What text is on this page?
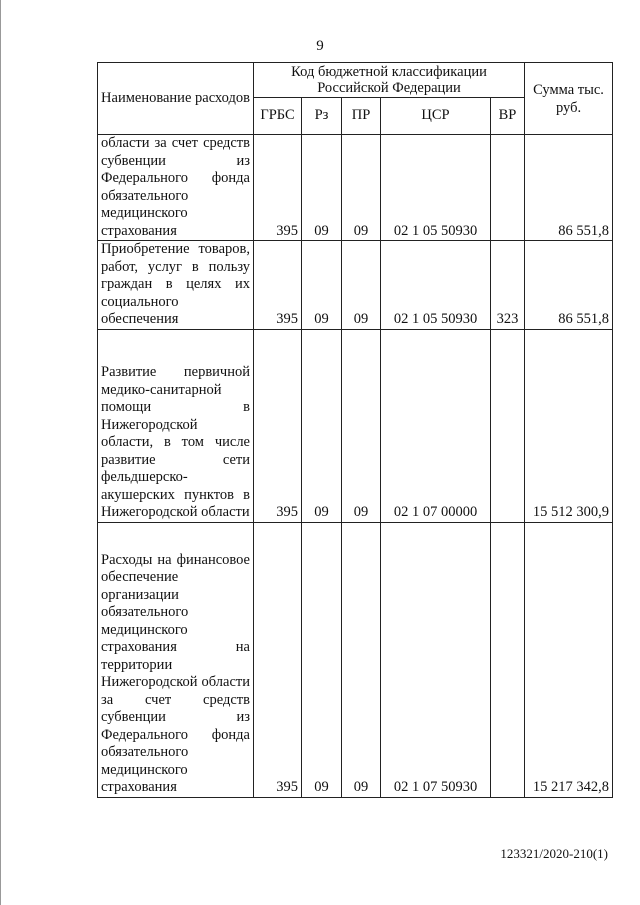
9
Наименование расходов	Код бюджетной классификации Российской Федерации					Сумма тыс. руб.
	ГРБС	Рз	ПР	ЦСР	ВР	
области за счет средств субвенции из Федерального фонда обязательного медицинского страхования	395	09	09	02 1 05 50930		86 551,8
Приобретение товаров, работ, услуг в пользу граждан в целях их социального обеспечения	395	09	09	02 1 05 50930	323	86 551,8
Развитие первичной медико-санитарной помощи в Нижегородской области, в том числе развитие сети фельдшерско-акушерских пунктов в Нижегородской области	395	09	09	02 1 07 00000		15 512 300,9
Расходы на финансовое обеспечение организации обязательного медицинского страхования на территории Нижегородской области за счет средств субвенции из Федерального фонда обязательного медицинского страхования	395	09	09	02 1 07 50930		15 217 342,8
123321/2020-210(1)
